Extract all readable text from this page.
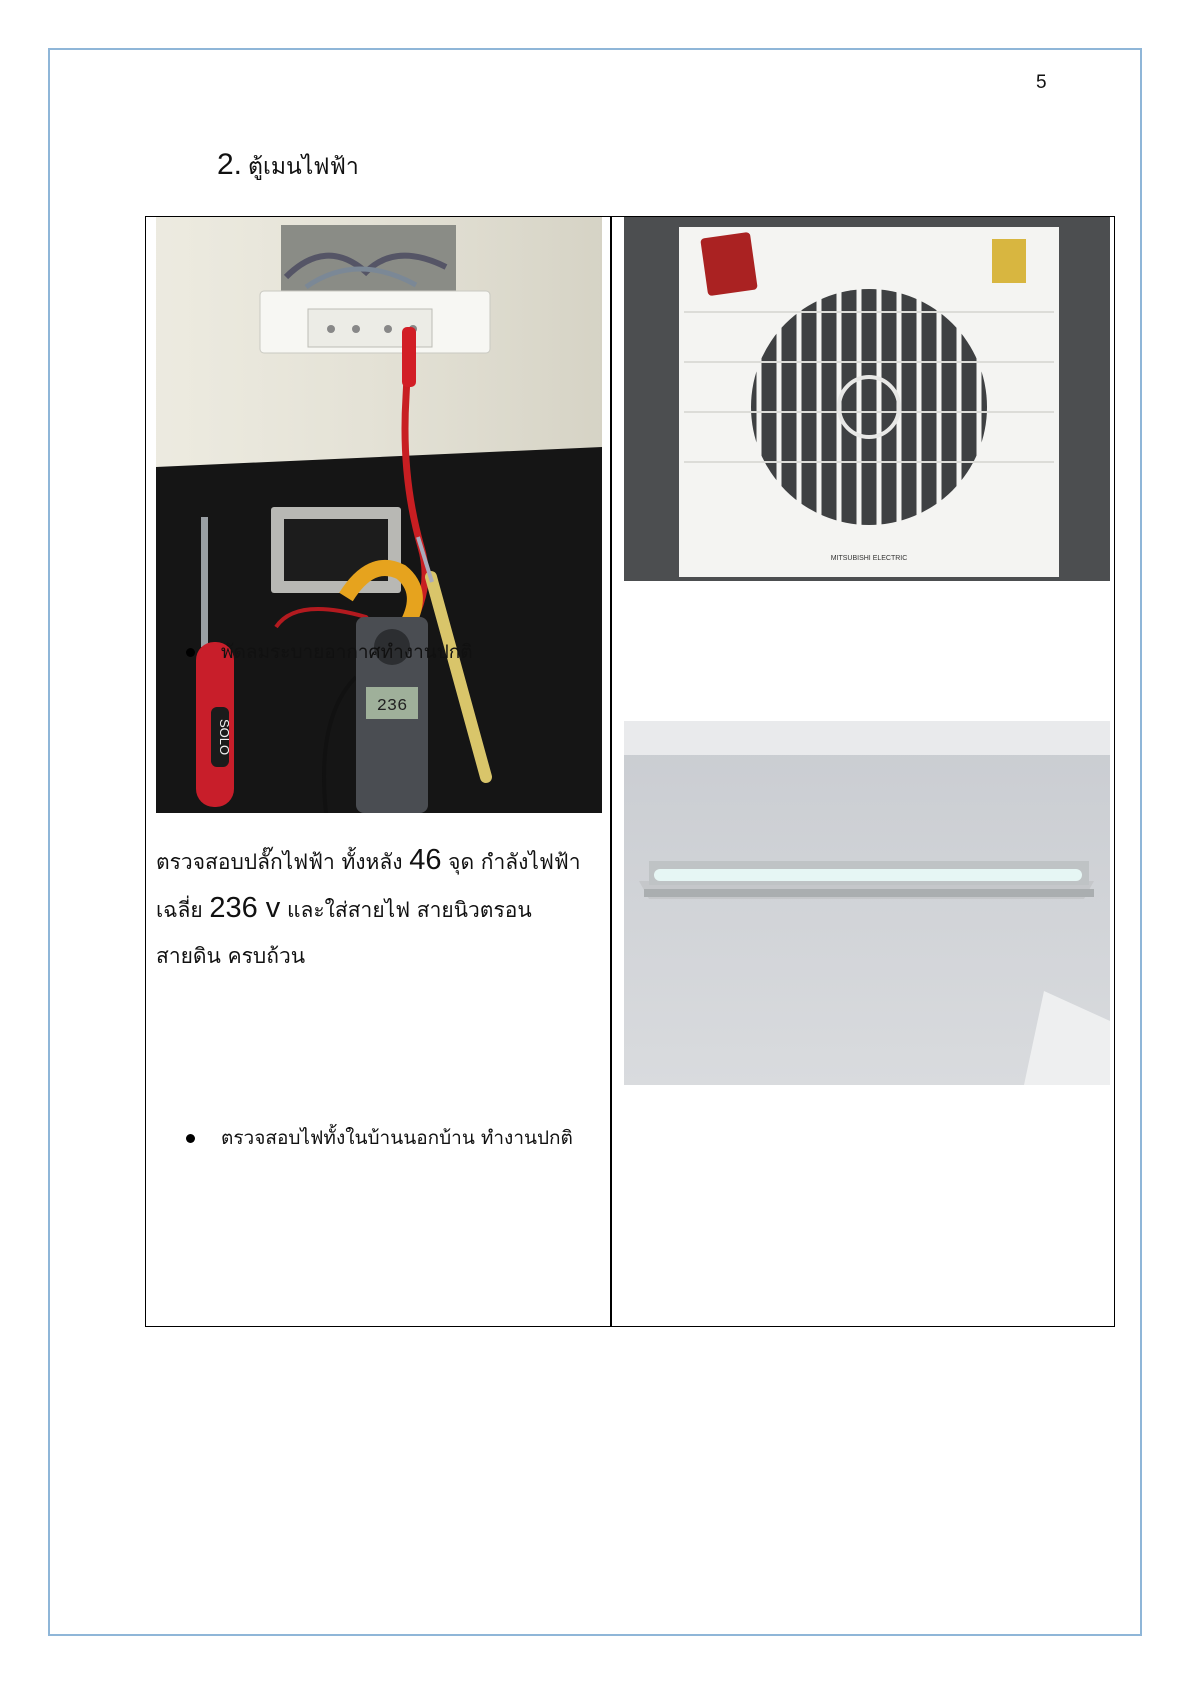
5
2. ตู้เมนไฟฟ้า
SOLO
236
ตรวจสอบปลั๊กไฟฟ้า ทั้งหลัง 46 จุด กำลังไฟฟ้า เฉลี่ย 236 v และใส่สายไฟ สายนิวตรอน สายดิน ครบถ้วน
MITSUBISHI ELECTRIC
พัดลมระบายอากาศทำงานปกติ
ตรวจสอบไฟทั้งในบ้านนอกบ้าน ทำงานปกติ
